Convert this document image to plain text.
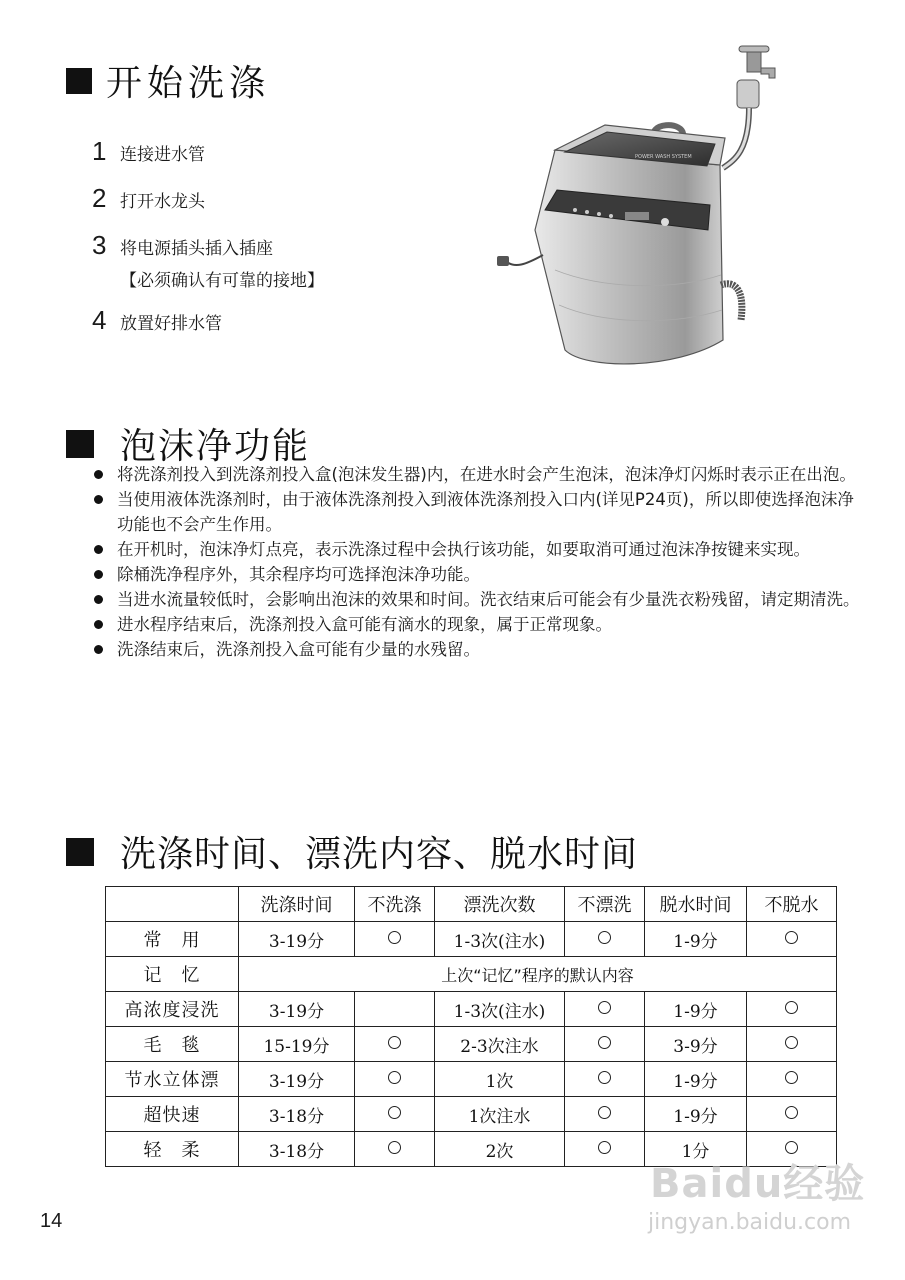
开始洗涤
1 连接进水管
2 打开水龙头
3 将电源插头插入插座
【必须确认有可靠的接地】
4 放置好排水管
POWER WASH SYSTEM
泡沫净功能
将洗涤剂投入到洗涤剂投入盒(泡沫发生器)内，在进水时会产生泡沫，泡沫净灯闪烁时表示正在出泡。
当使用液体洗涤剂时，由于液体洗涤剂投入到液体洗涤剂投入口内(详见P24页)，所以即使选择泡沫净功能也不会产生作用。
在开机时，泡沫净灯点亮，表示洗涤过程中会执行该功能，如要取消可通过泡沫净按键来实现。
除桶洗净程序外，其余程序均可选择泡沫净功能。
当进水流量较低时，会影响出泡沫的效果和时间。洗衣结束后可能会有少量洗衣粉残留，请定期清洗。
进水程序结束后，洗涤剂投入盒可能有滴水的现象，属于正常现象。
洗涤结束后，洗涤剂投入盒可能有少量的水残留。
洗涤时间、漂洗内容、脱水时间
	洗涤时间	不洗涤	漂洗次数	不漂洗	脱水时间	不脱水
常　用	3-19分		1-3次(注水)		1-9分	
记　忆	上次“记忆”程序的默认内容					
高浓度浸洗	3-19分		1-3次(注水)		1-9分	
毛　毯	15-19分		2-3次注水		3-9分	
节水立体漂	3-19分		1次		1-9分	
超快速	3-18分		1次注水		1-9分	
轻　柔	3-18分		2次		1分	
14
Baidu经验
jingyan.baidu.com
